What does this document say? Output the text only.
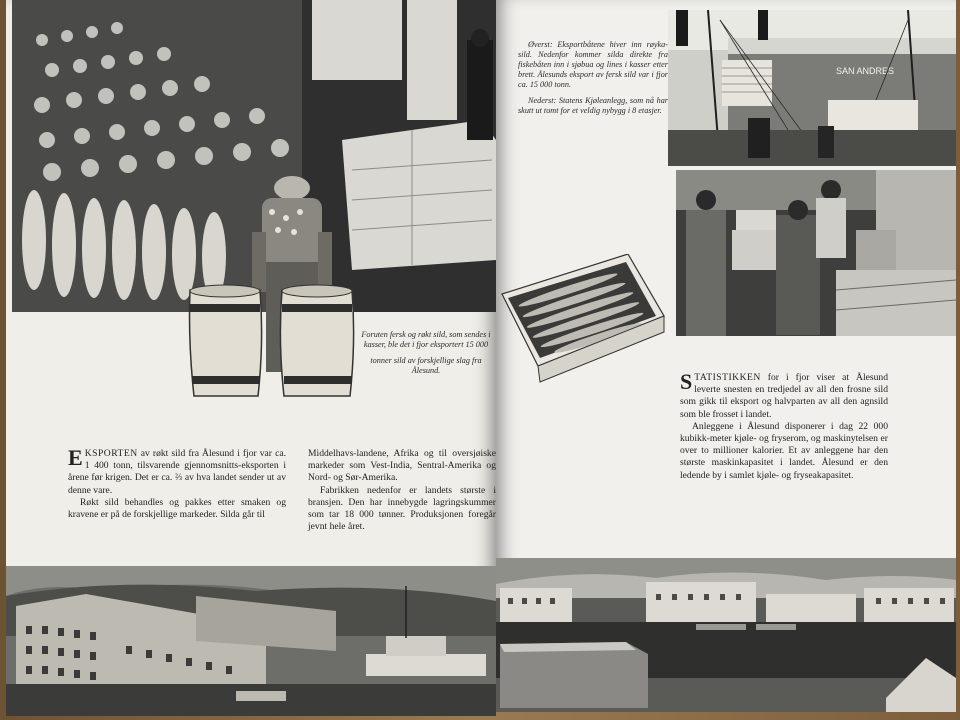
Foruten fersk og røkt sild, som sendes i kasser, ble det i fjor eksportert 15 000

tonner sild av forskjellige slag fra Ålesund.

EKSPORTEN av røkt sild fra Ålesund i fjor var ca. 1 400 tonn, tilsvarende gjennomsnitts-eksporten i årene før krigen. Det er ca. ⅔ av hva landet sender ut av denne vare.

Røkt sild behandles og pakkes etter smaken og kravene er på de forskjellige markeder. Silda går til

Middelhavs-landene, Afrika og til oversjøiske markeder som Vest-India, Sentral-Amerika og Nord- og Sør-Amerika.

Fabrikken nedenfor er landets største i bransjen. Den har innebygde lagringskummer som tar 18 000 tønner. Produksjonen foregår jevnt hele året.

Øverst: Eksportbåtene hiver inn røyka-sild. Nedenfor kommer silda direkte fra fiskebåten inn i sjøbua og lines i kasser etter brett. Ålesunds eksport av fersk sild var i fjor ca. 15 000 tonn.

Nederst: Statens Kjøleanlegg, som nå har skutt ut tomt for et veldig nybygg i 8 etasjer.

SAN ANDRES

STATISTIKKEN for i fjor viser at Ålesund leverte snesten en tredjedel av all den frosne sild som gikk til eksport og halvparten av all den agnsild som ble frosset i landet.

Anleggene i Ålesund disponerer i dag 22 000 kubikk-meter kjøle- og fryserom, og maskinytelsen er over to millioner kalorier. Et av anleggene har den største maskinkapasitet i landet. Ålesund er den ledende by i samlet kjøle- og fryseakapasitet.
